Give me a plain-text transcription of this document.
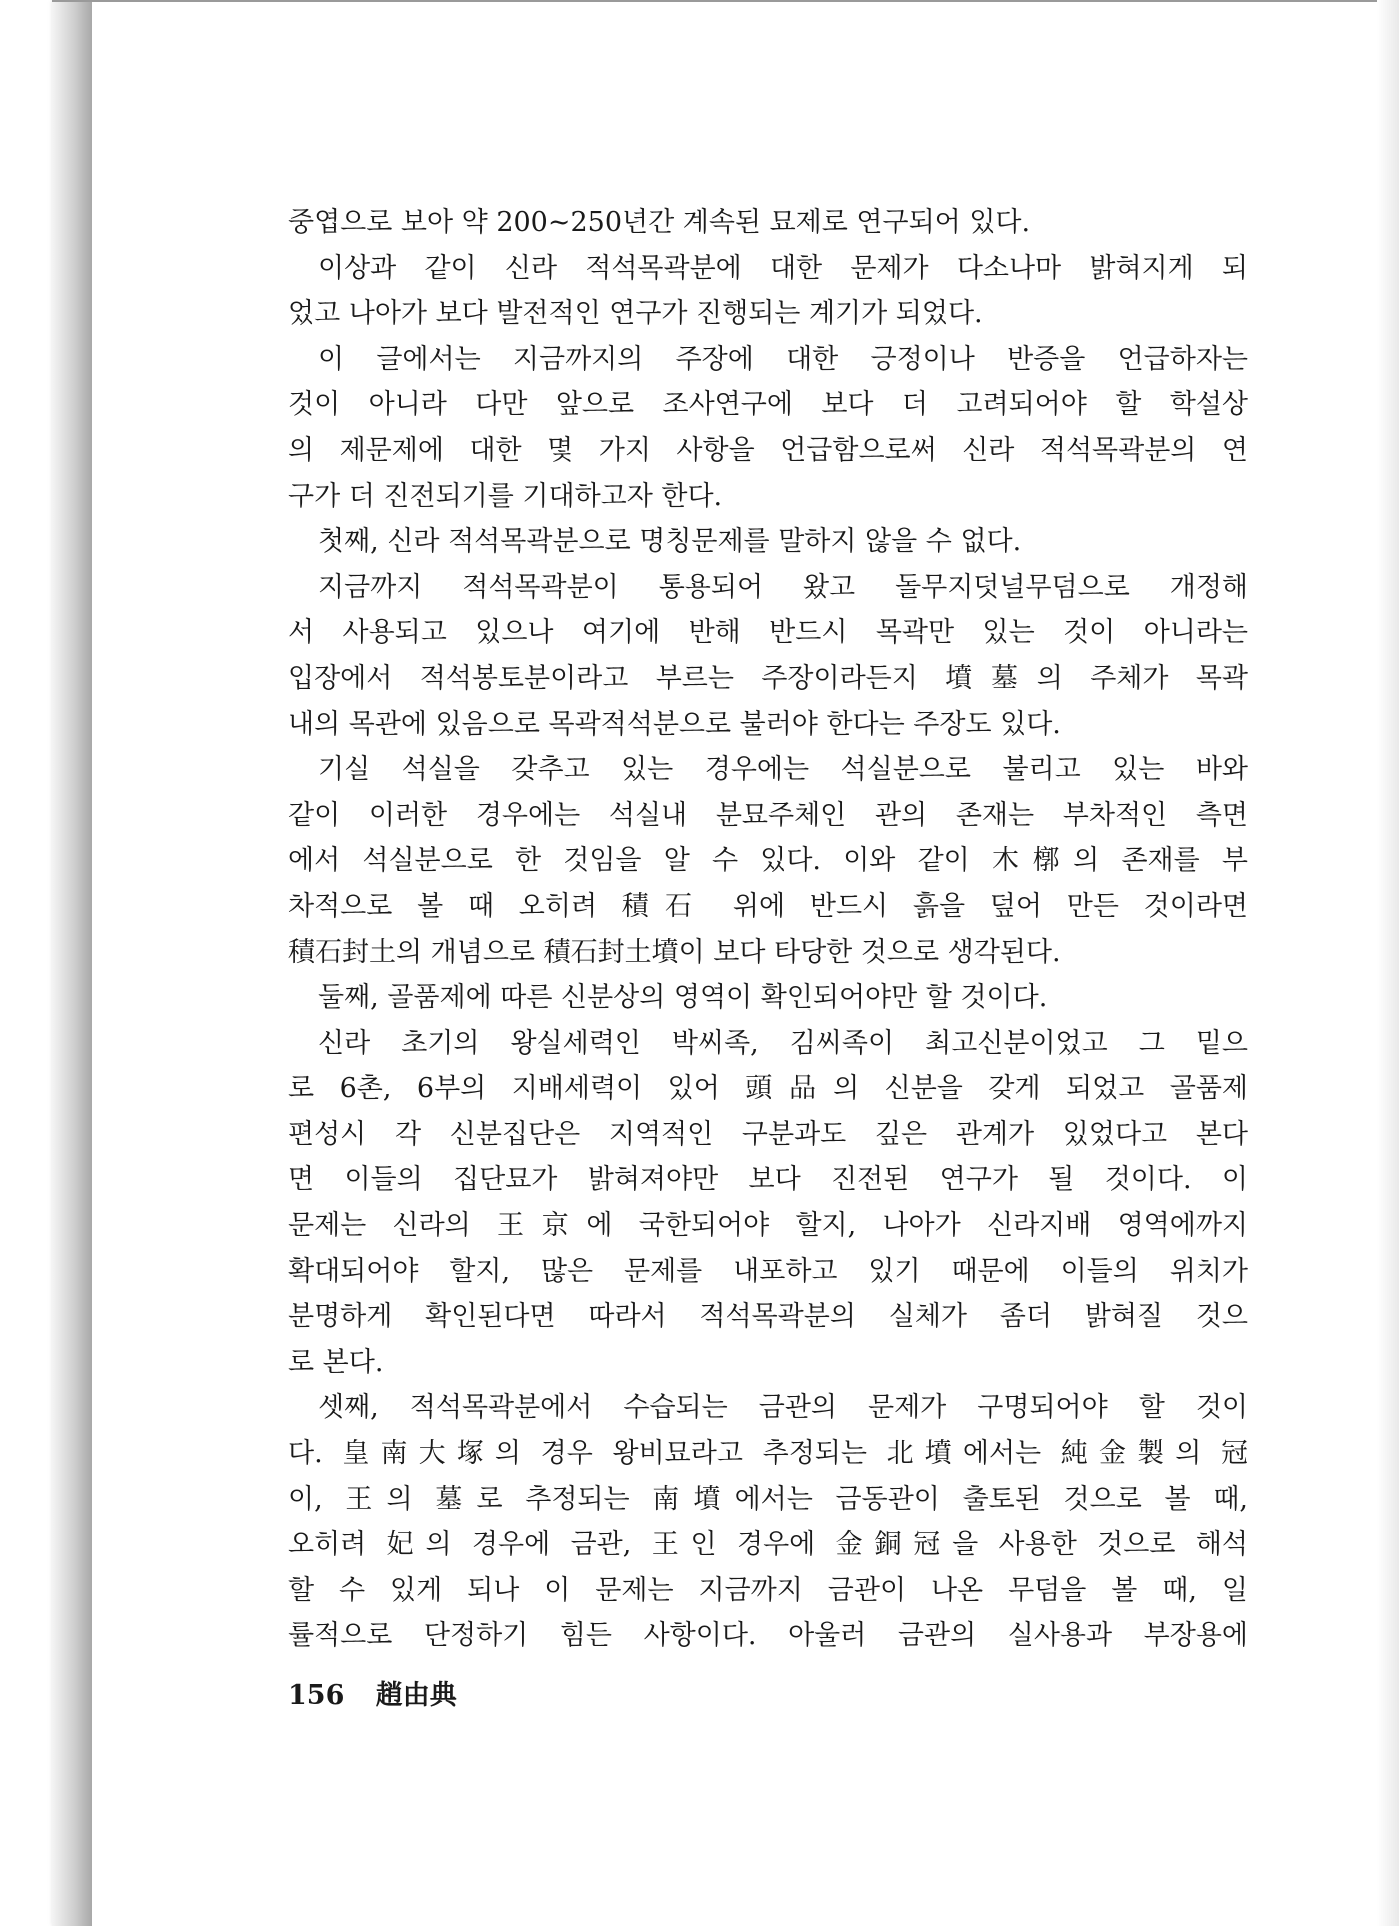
중엽으로 보아 약 200~250년간 계속된 묘제로 연구되어 있다.
이상과 같이 신라 적석목곽분에 대한 문제가 다소나마 밝혀지게 되
었고 나아가 보다 발전적인 연구가 진행되는 계기가 되었다.
이 글에서는 지금까지의 주장에 대한 긍정이나 반증을 언급하자는
것이 아니라 다만 앞으로 조사연구에 보다 더 고려되어야 할 학설상
의 제문제에 대한 몇 가지 사항을 언급함으로써 신라 적석목곽분의 연
구가 더 진전되기를 기대하고자 한다.
첫째, 신라 적석목곽분으로 명칭문제를 말하지 않을 수 없다.
지금까지 적석목곽분이 통용되어 왔고 돌무지덧널무덤으로 개정해
서 사용되고 있으나 여기에 반해 반드시 목곽만 있는 것이 아니라는
입장에서 적석봉토분이라고 부르는 주장이라든지 墳墓의 주체가 목곽
내의 목관에 있음으로 목곽적석분으로 불러야 한다는 주장도 있다.
기실 석실을 갖추고 있는 경우에는 석실분으로 불리고 있는 바와
같이 이러한 경우에는 석실내 분묘주체인 관의 존재는 부차적인 측면
에서 석실분으로 한 것임을 알 수 있다. 이와 같이 木槨의 존재를 부
차적으로 볼 때 오히려 積石 위에 반드시 흙을 덮어 만든 것이라면
積石封土의 개념으로 積石封土墳이 보다 타당한 것으로 생각된다.
둘째, 골품제에 따른 신분상의 영역이 확인되어야만 할 것이다.
신라 초기의 왕실세력인 박씨족, 김씨족이 최고신분이었고 그 밑으
로 6촌, 6부의 지배세력이 있어 頭品의 신분을 갖게 되었고 골품제
편성시 각 신분집단은 지역적인 구분과도 깊은 관계가 있었다고 본다
면 이들의 집단묘가 밝혀져야만 보다 진전된 연구가 될 것이다. 이
문제는 신라의 王京에 국한되어야 할지, 나아가 신라지배 영역에까지
확대되어야 할지, 많은 문제를 내포하고 있기 때문에 이들의 위치가
분명하게 확인된다면 따라서 적석목곽분의 실체가 좀더 밝혀질 것으
로 본다.
셋째, 적석목곽분에서 수습되는 금관의 문제가 구명되어야 할 것이
다. 皇南大塚의 경우 왕비묘라고 추정되는 北墳에서는 純金製의 冠
이, 王의 墓로 추정되는 南墳에서는 금동관이 출토된 것으로 볼 때,
오히려 妃의 경우에 금관, 王인 경우에 金銅冠을 사용한 것으로 해석
할 수 있게 되나 이 문제는 지금까지 금관이 나온 무덤을 볼 때, 일
률적으로 단정하기 힘든 사항이다. 아울러 금관의 실사용과 부장용에
156 趙由典
